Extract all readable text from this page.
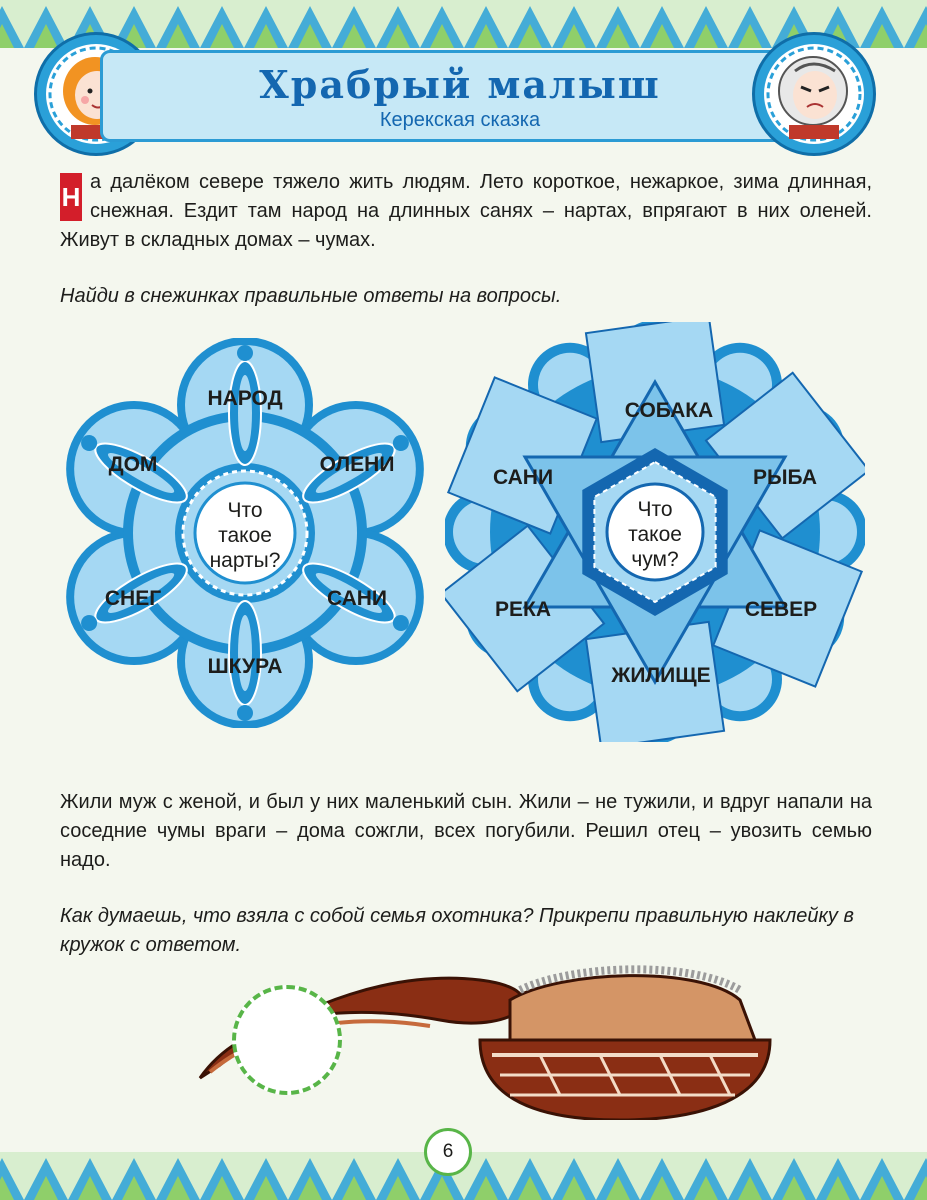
Храбрый малыш
Керекская сказка
Н а далёком севере тяжело жить людям. Лето короткое, нежаркое, зима длинная, снежная. Ездит там народ на длинных санях – нартах, впрягают в них оленей. Живут в складных домах – чумах.
Найди в снежинках правильные ответы на вопросы.
Что
такое
нарты?
НАРОД
ОЛЕНИ
САНИ
ШКУРА
СНЕГ
ДОМ
Что
такое
чум?
СОБАКА
РЫБА
СЕВЕР
ЖИЛИЩЕ
РЕКА
САНИ
Жили муж с женой, и был у них маленький сын. Жили – не тужили, и вдруг напали на соседние чумы враги – дома сожгли, всех погубили. Решил отец – увозить семью надо.
Как думаешь, что взяла с собой семья охотника? Прикрепи правильную наклейку в кружок с ответом.
6
